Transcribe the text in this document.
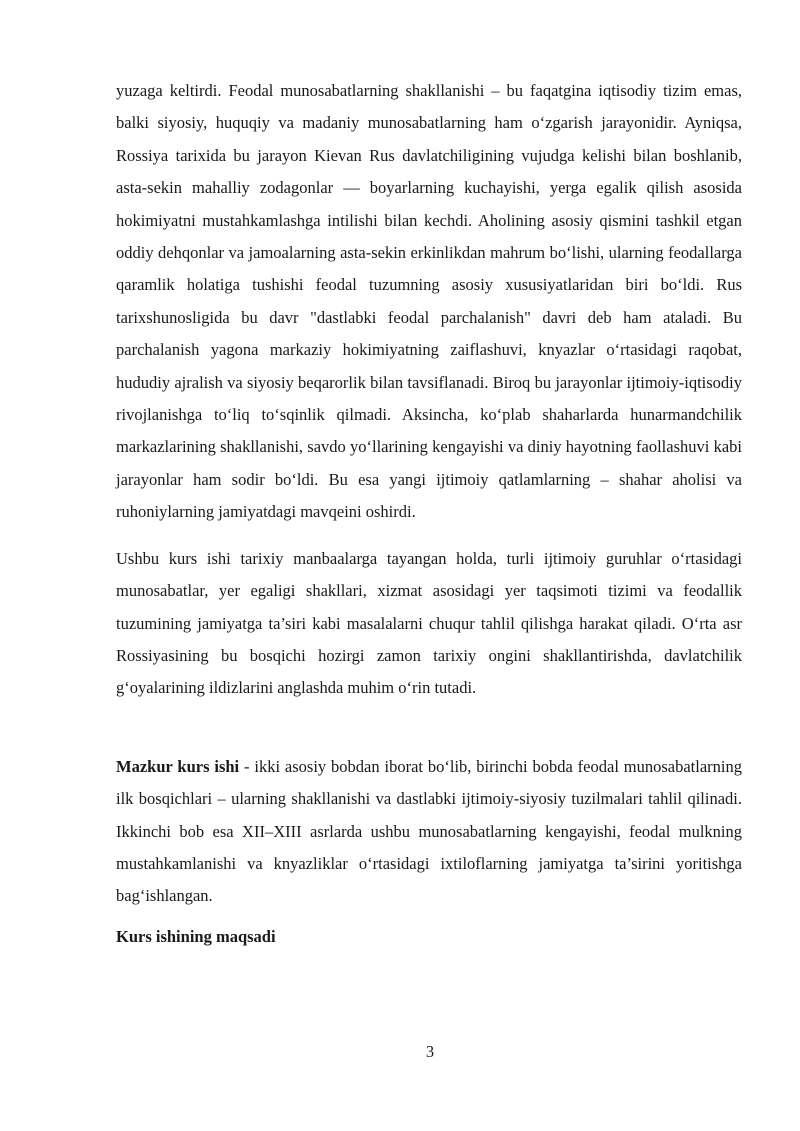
yuzaga keltirdi. Feodal munosabatlarning shakllanishi – bu faqatgina iqtisodiy tizim emas, balki siyosiy, huquqiy va madaniy munosabatlarning ham o‘zgarish jarayonidir. Ayniqsa, Rossiya tarixida bu jarayon Kievan Rus davlatchiligining vujudga kelishi bilan boshlanib, asta-sekin mahalliy zodagonlar — boyarlarning kuchayishi, yerga egalik qilish asosida hokimiyatni mustahkamlashga intilishi bilan kechdi. Aholining asosiy qismini tashkil etgan oddiy dehqonlar va jamoalarning asta-sekin erkinlikdan mahrum bo‘lishi, ularning feodallarga qaramlik holatiga tushishi feodal tuzumning asosiy xususiyatlaridan biri bo‘ldi. Rus tarixshunosligida bu davr "dastlabki feodal parchalanish" davri deb ham ataladi. Bu parchalanish yagona markaziy hokimiyatning zaiflashuvi, knyazlar o‘rtasidagi raqobat, hududiy ajralish va siyosiy beqarorlik bilan tavsiflanadi. Biroq bu jarayonlar ijtimoiy-iqtisodiy rivojlanishga to‘liq to‘sqinlik qilmadi. Aksincha, ko‘plab shaharlarda hunarmandchilik markazlarining shakllanishi, savdo yo‘llarining kengayishi va diniy hayotning faollashuvi kabi jarayonlar ham sodir bo‘ldi. Bu esa yangi ijtimoiy qatlamlarning – shahar aholisi va ruhoniylarning jamiyatdagi mavqeini oshirdi.

Ushbu kurs ishi tarixiy manbaalarga tayangan holda, turli ijtimoiy guruhlar o‘rtasidagi munosabatlar, yer egaligi shakllari, xizmat asosidagi yer taqsimoti tizimi va feodallik tuzumining jamiyatga ta’siri kabi masalalarni chuqur tahlil qilishga harakat qiladi. O‘rta asr Rossiyasining bu bosqichi hozirgi zamon tarixiy ongini shakllantirishda, davlatchilik g‘oyalarining ildizlarini anglashda muhim o‘rin tutadi.

Mazkur kurs ishi - ikki asosiy bobdan iborat bo‘lib, birinchi bobda feodal munosabatlarning ilk bosqichlari – ularning shakllanishi va dastlabki ijtimoiy-siyosiy tuzilmalari tahlil qilinadi. Ikkinchi bob esa XII–XIII asrlarda ushbu munosabatlarning kengayishi, feodal mulkning mustahkamlanishi va knyazliklar o‘rtasidagi ixtiloflarning jamiyatga ta’sirini yoritishga bag‘ishlangan.

Kurs ishining maqsadi

3
